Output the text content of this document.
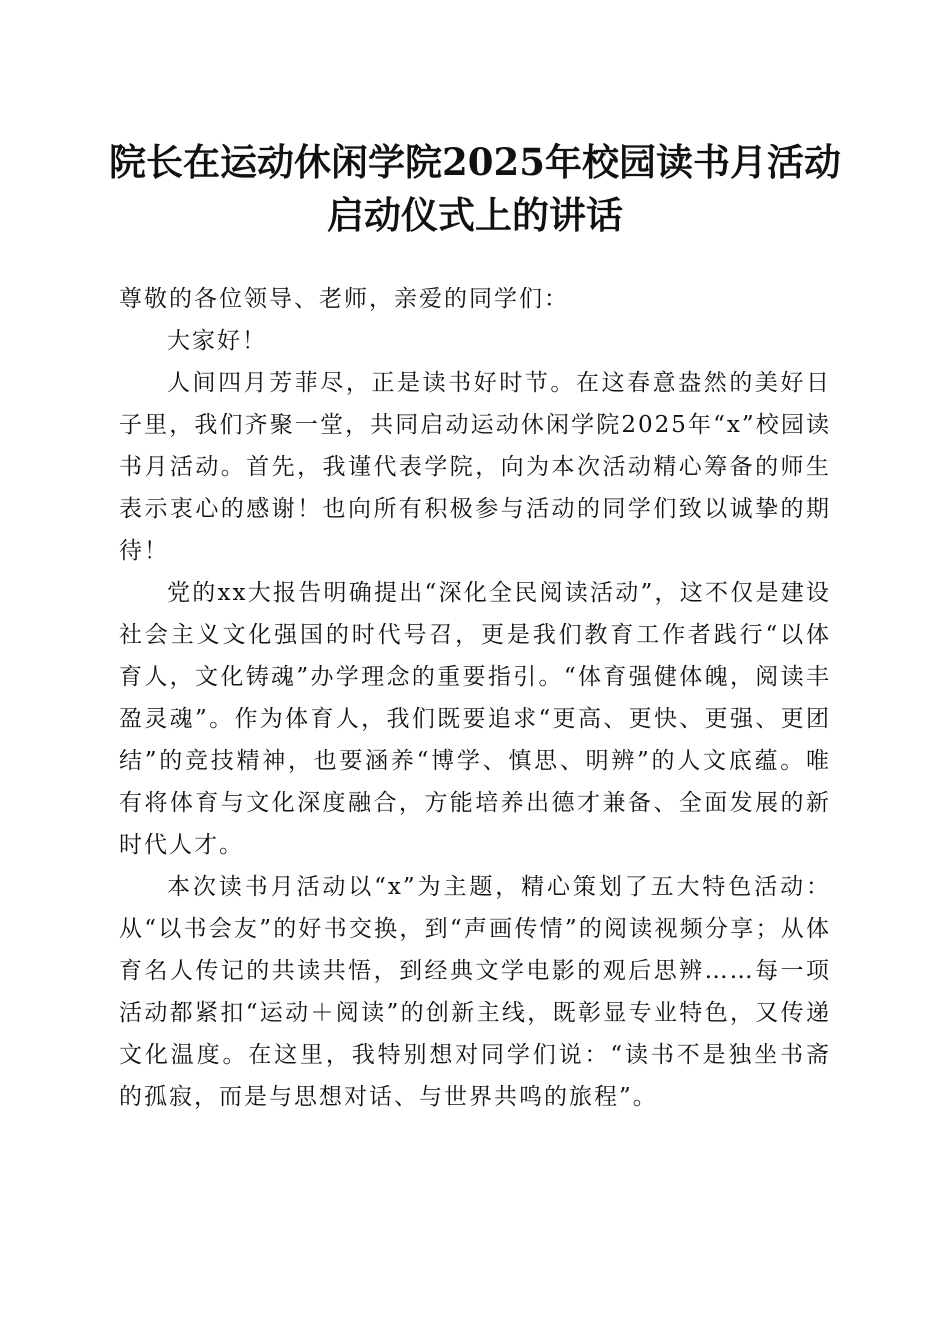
院长在运动休闲学院2025年校园读书月活动
启动仪式上的讲话

尊敬的各位领导、老师，亲爱的同学们：

大家好！

人间四月芳菲尽，正是读书好时节。在这春意盎然的美好日子里，我们齐聚一堂，共同启动运动休闲学院2025年“x”校园读书月活动。首先，我谨代表学院，向为本次活动精心筹备的师生表示衷心的感谢！也向所有积极参与活动的同学们致以诚挚的期待！

党的xx大报告明确提出“深化全民阅读活动”，这不仅是建设社会主义文化强国的时代号召，更是我们教育工作者践行“以体育人，文化铸魂”办学理念的重要指引。“体育强健体魄，阅读丰盈灵魂”。作为体育人，我们既要追求“更高、更快、更强、更团结”的竞技精神，也要涵养“博学、慎思、明辨”的人文底蕴。唯有将体育与文化深度融合，方能培养出德才兼备、全面发展的新时代人才。

本次读书月活动以“x”为主题，精心策划了五大特色活动：从“以书会友”的好书交换，到“声画传情”的阅读视频分享；从体育名人传记的共读共悟，到经典文学电影的观后思辨……每一项活动都紧扣“运动＋阅读”的创新主线，既彰显专业特色，又传递文化温度。在这里，我特别想对同学们说：“读书不是独坐书斋的孤寂，而是与思想对话、与世界共鸣的旅程”。
